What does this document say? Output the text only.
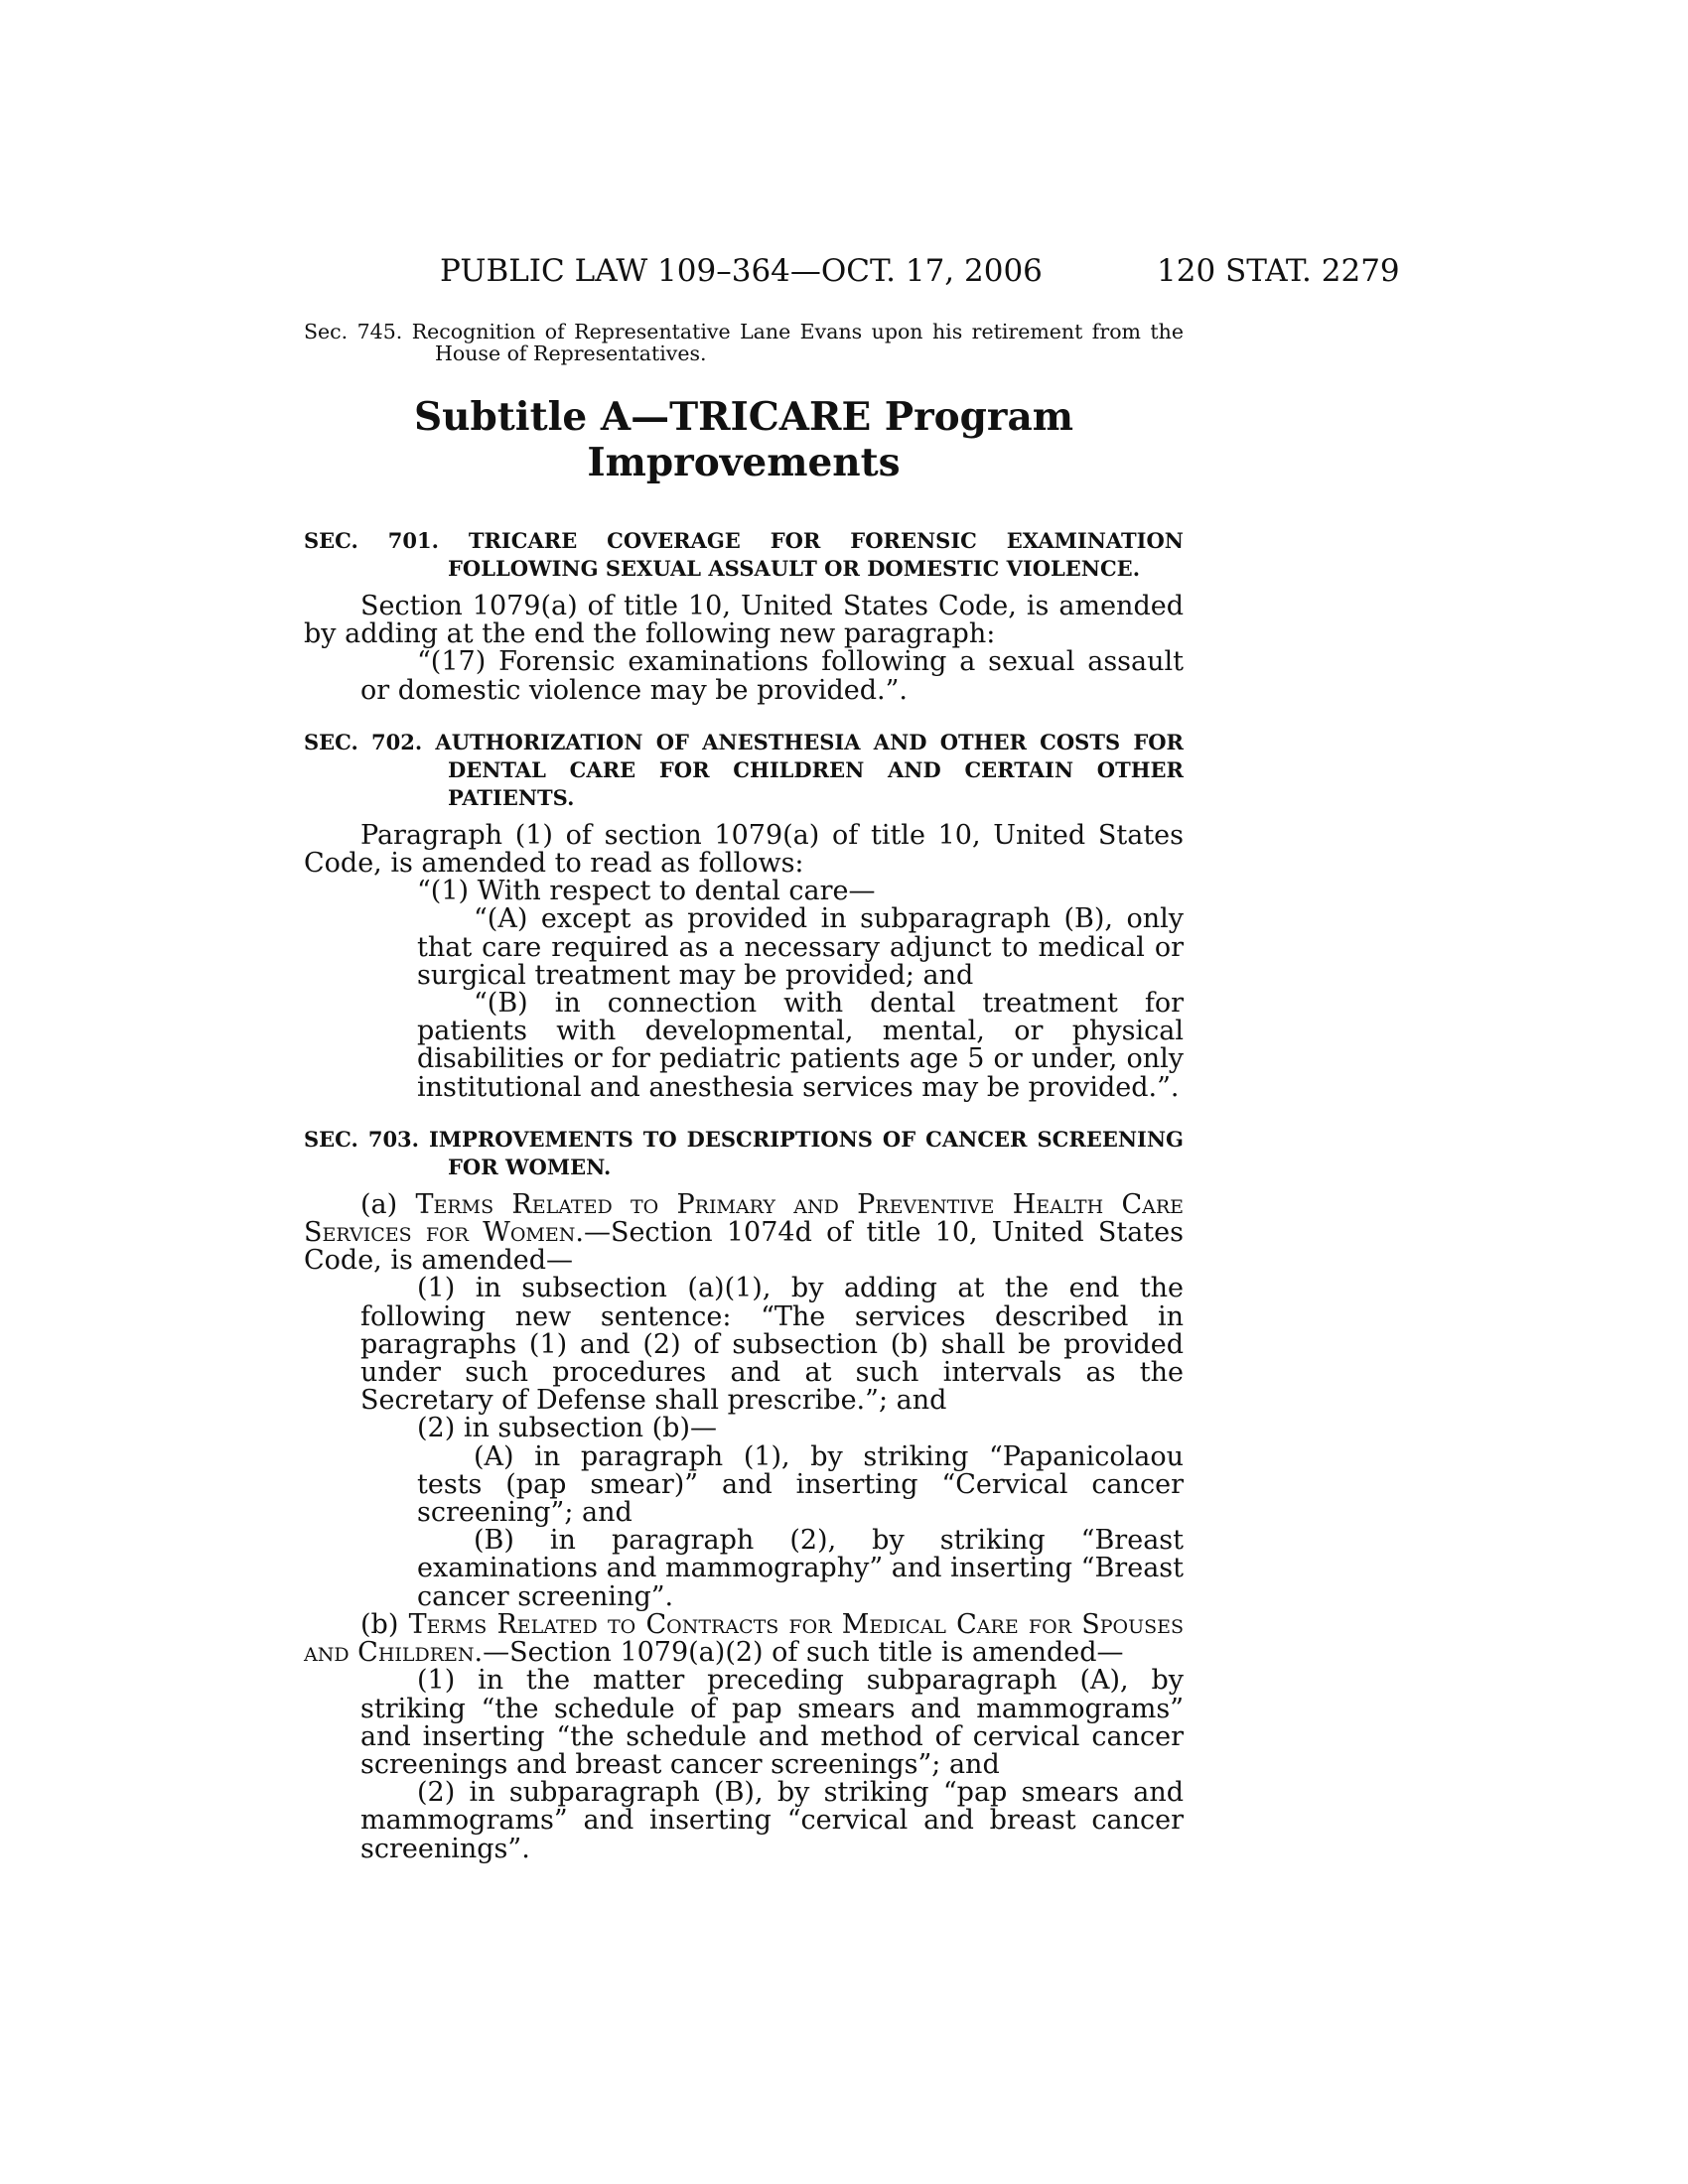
PUBLIC LAW 109–364—OCT. 17, 2006	120 STAT. 2279
Sec. 745. Recognition of Representative Lane Evans upon his retirement from the House of Representatives.
Subtitle A—TRICARE Program
Improvements
SEC. 701. TRICARE COVERAGE FOR FORENSIC EXAMINATION FOLLOWING SEXUAL ASSAULT OR DOMESTIC VIOLENCE.

Section 1079(a) of title 10, United States Code, is amended by adding at the end the following new paragraph:

“(17) Forensic examinations following a sexual assault or domestic violence may be provided.”.

SEC. 702. AUTHORIZATION OF ANESTHESIA AND OTHER COSTS FOR DENTAL CARE FOR CHILDREN AND CERTAIN OTHER PATIENTS.

Paragraph (1) of section 1079(a) of title 10, United States Code, is amended to read as follows:

“(1) With respect to dental care—

“(A) except as provided in subparagraph (B), only that care required as a necessary adjunct to medical or surgical treatment may be provided; and

“(B) in connection with dental treatment for patients with developmental, mental, or physical disabilities or for pediatric patients age 5 or under, only institutional and anesthesia services may be provided.”.

SEC. 703. IMPROVEMENTS TO DESCRIPTIONS OF CANCER SCREENING FOR WOMEN.

(a) Terms Related to Primary and Preventive Health Care Services for Women.—Section 1074d of title 10, United States Code, is amended—

(1) in subsection (a)(1), by adding at the end the following new sentence: “The services described in paragraphs (1) and (2) of subsection (b) shall be provided under such procedures and at such intervals as the Secretary of Defense shall prescribe.”; and

(2) in subsection (b)—

(A) in paragraph (1), by striking “Papanicolaou tests (pap smear)” and inserting “Cervical cancer screening”; and

(B) in paragraph (2), by striking “Breast examinations and mammography” and inserting “Breast cancer screening”.

(b) Terms Related to Contracts for Medical Care for Spouses and Children.—Section 1079(a)(2) of such title is amended—

(1) in the matter preceding subparagraph (A), by striking “the schedule of pap smears and mammograms” and inserting “the schedule and method of cervical cancer screenings and breast cancer screenings”; and

(2) in subparagraph (B), by striking “pap smears and mammograms” and inserting “cervical and breast cancer screenings”.
